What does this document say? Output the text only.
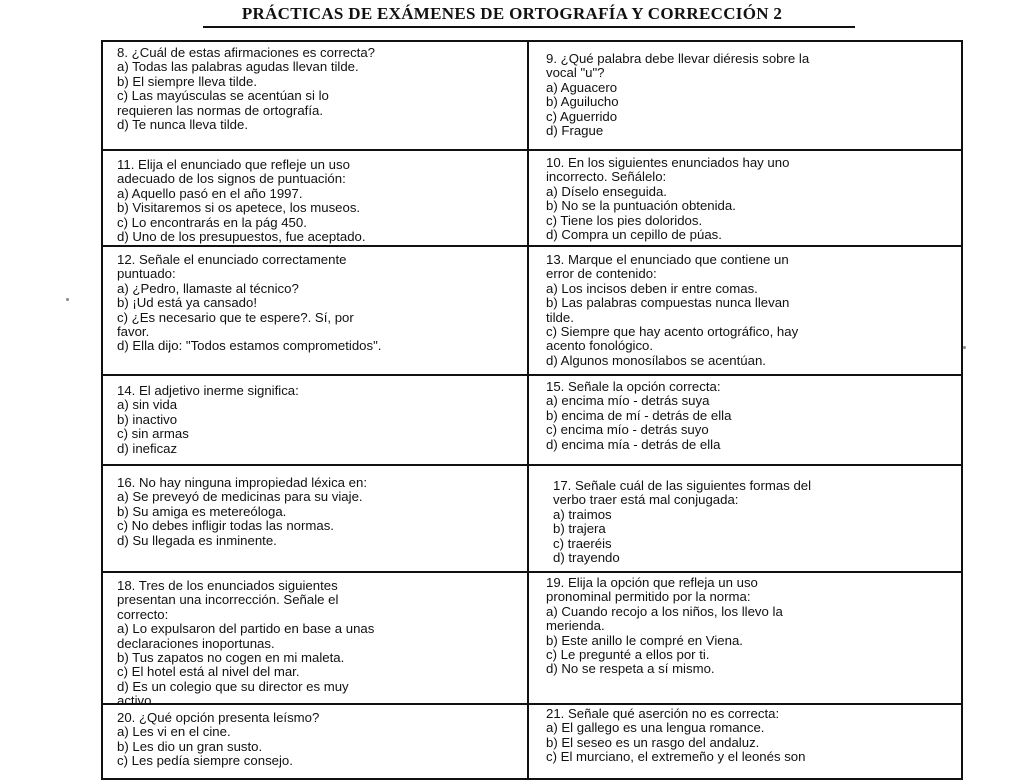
PRÁCTICAS DE EXÁMENES DE ORTOGRAFÍA Y CORRECCIÓN 2
8. ¿Cuál de estas afirmaciones es correcta?
a) Todas las palabras agudas llevan tilde.
b) El siempre lleva tilde.
c) Las mayúsculas se acentúan si lo
requieren las normas de ortografía.
d) Te nunca lleva tilde.
9. ¿Qué palabra debe llevar diéresis sobre la
vocal "u"?
a) Aguacero
b) Aguilucho
c) Aguerrido
d) Frague
11. Elija el enunciado que refleje un uso
adecuado de los signos de puntuación:
a) Aquello pasó en el año 1997.
b) Visitaremos si os apetece, los museos.
c) Lo encontrarás en la pág 450.
d) Uno de los presupuestos, fue aceptado.
10. En los siguientes enunciados hay uno
incorrecto. Señálelo:
a) Díselo enseguida.
b) No se la puntuación obtenida.
c) Tiene los pies doloridos.
d) Compra un cepillo de púas.
12. Señale el enunciado correctamente
puntuado:
a) ¿Pedro, llamaste al técnico?
b) ¡Ud está ya cansado!
c) ¿Es necesario que te espere?. Sí, por
favor.
d) Ella dijo: "Todos estamos comprometidos".
13. Marque el enunciado que contiene un
error de contenido:
a) Los incisos deben ir entre comas.
b) Las palabras compuestas nunca llevan
tilde.
c) Siempre que hay acento ortográfico, hay
acento fonológico.
d) Algunos monosílabos se acentúan.
14. El adjetivo inerme significa:
a) sin vida
b) inactivo
c) sin armas
d) ineficaz
15. Señale la opción correcta:
a) encima mío - detrás suya
b) encima de mí - detrás de ella
c) encima mío - detrás suyo
d) encima mía - detrás de ella
16. No hay ninguna impropiedad léxica en:
a) Se preveyó de medicinas para su viaje.
b) Su amiga es metereóloga.
c) No debes infligir todas las normas.
d) Su llegada es inminente.
17. Señale cuál de las siguientes formas del
verbo traer está mal conjugada:
a) traimos
b) trajera
c) traeréis
d) trayendo
18. Tres de los enunciados siguientes
presentan una incorrección. Señale el
correcto:
a) Lo expulsaron del partido en base a unas
declaraciones inoportunas.
b) Tus zapatos no cogen en mi maleta.
c) El hotel está al nivel del mar.
d) Es un colegio que su director es muy
activo.
19. Elija la opción que refleja un uso
pronominal permitido por la norma:
a) Cuando recojo a los niños, los llevo la
merienda.
b) Este anillo le compré en Viena.
c) Le pregunté a ellos por ti.
d) No se respeta a sí mismo.
20. ¿Qué opción presenta leísmo?
a) Les vi en el cine.
b) Les dio un gran susto.
c) Les pedía siempre consejo.
21. Señale qué aserción no es correcta:
a) El gallego es una lengua romance.
b) El seseo es un rasgo del andaluz.
c) El murciano, el extremeño y el leonés son
